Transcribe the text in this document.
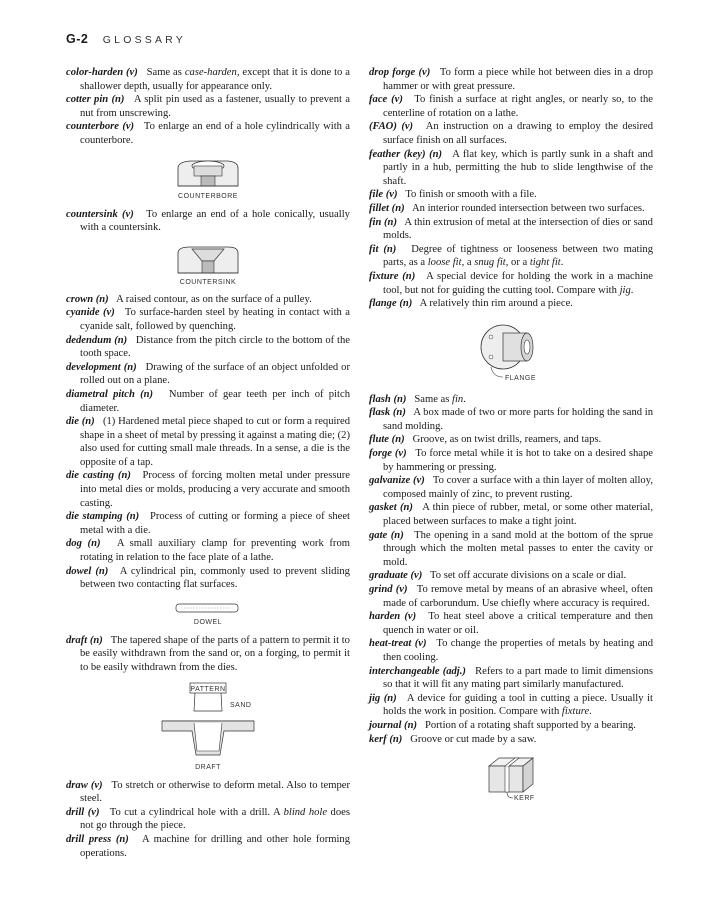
G-2 GLOSSARY

color-harden (v) Same as case-harden, except that it is done to a shallower depth, usually for appearance only.

cotter pin (n) A split pin used as a fastener, usually to prevent a nut from unscrewing.

counterbore (v) To enlarge an end of a hole cylindrically with a counterbore.

COUNTERBORE

countersink (v) To enlarge an end of a hole conically, usually with a countersink.

COUNTERSINK

crown (n) A raised contour, as on the surface of a pulley.

cyanide (v) To surface-harden steel by heating in contact with a cyanide salt, followed by quenching.

dedendum (n) Distance from the pitch circle to the bottom of the tooth space.

development (n) Drawing of the surface of an object unfolded or rolled out on a plane.

diametral pitch (n) Number of gear teeth per inch of pitch diameter.

die (n) (1) Hardened metal piece shaped to cut or form a required shape in a sheet of metal by pressing it against a mating die; (2) also used for cutting small male threads. In a sense, a die is the opposite of a tap.

die casting (n) Process of forcing molten metal under pressure into metal dies or molds, producing a very accurate and smooth casting.

die stamping (n) Process of cutting or forming a piece of sheet metal with a die.

dog (n) A small auxiliary clamp for preventing work from rotating in relation to the face plate of a lathe.

dowel (n) A cylindrical pin, commonly used to prevent sliding between two contacting flat surfaces.

DOWEL

draft (n) The tapered shape of the parts of a pattern to permit it to be easily withdrawn from the sand or, on a forging, to permit it to be easily withdrawn from the dies.

PATTERN
SAND
DRAFT

draw (v) To stretch or otherwise to deform metal. Also to temper steel.

drill (v) To cut a cylindrical hole with a drill. A blind hole does not go through the piece.

drill press (n) A machine for drilling and other hole forming operations.

drop forge (v) To form a piece while hot between dies in a drop hammer or with great pressure.

face (v) To finish a surface at right angles, or nearly so, to the centerline of rotation on a lathe.

(FAO) (v) An instruction on a drawing to employ the desired surface finish on all surfaces.

feather (key) (n) A flat key, which is partly sunk in a shaft and partly in a hub, permitting the hub to slide lengthwise of the shaft.

file (v) To finish or smooth with a file.

fillet (n) An interior rounded intersection between two surfaces.

fin (n) A thin extrusion of metal at the intersection of dies or sand molds.

fit (n) Degree of tightness or looseness between two mating parts, as a loose fit, a snug fit, or a tight fit.

fixture (n) A special device for holding the work in a machine tool, but not for guiding the cutting tool. Compare with jig.

flange (n) A relatively thin rim around a piece.

FLANGE

flash (n) Same as fin.

flask (n) A box made of two or more parts for holding the sand in sand molding.

flute (n) Groove, as on twist drills, reamers, and taps.

forge (v) To force metal while it is hot to take on a desired shape by hammering or pressing.

galvanize (v) To cover a surface with a thin layer of molten alloy, composed mainly of zinc, to prevent rusting.

gasket (n) A thin piece of rubber, metal, or some other material, placed between surfaces to make a tight joint.

gate (n) The opening in a sand mold at the bottom of the sprue through which the molten metal passes to enter the cavity or mold.

graduate (v) To set off accurate divisions on a scale or dial.

grind (v) To remove metal by means of an abrasive wheel, often made of carborundum. Use chiefly where accuracy is required.

harden (v) To heat steel above a critical temperature and then quench in water or oil.

heat-treat (v) To change the properties of metals by heating and then cooling.

interchangeable (adj.) Refers to a part made to limit dimensions so that it will fit any mating part similarly manufactured.

jig (n) A device for guiding a tool in cutting a piece. Usually it holds the work in position. Compare with fixture.

journal (n) Portion of a rotating shaft supported by a bearing.

kerf (n) Groove or cut made by a saw.

KERF
